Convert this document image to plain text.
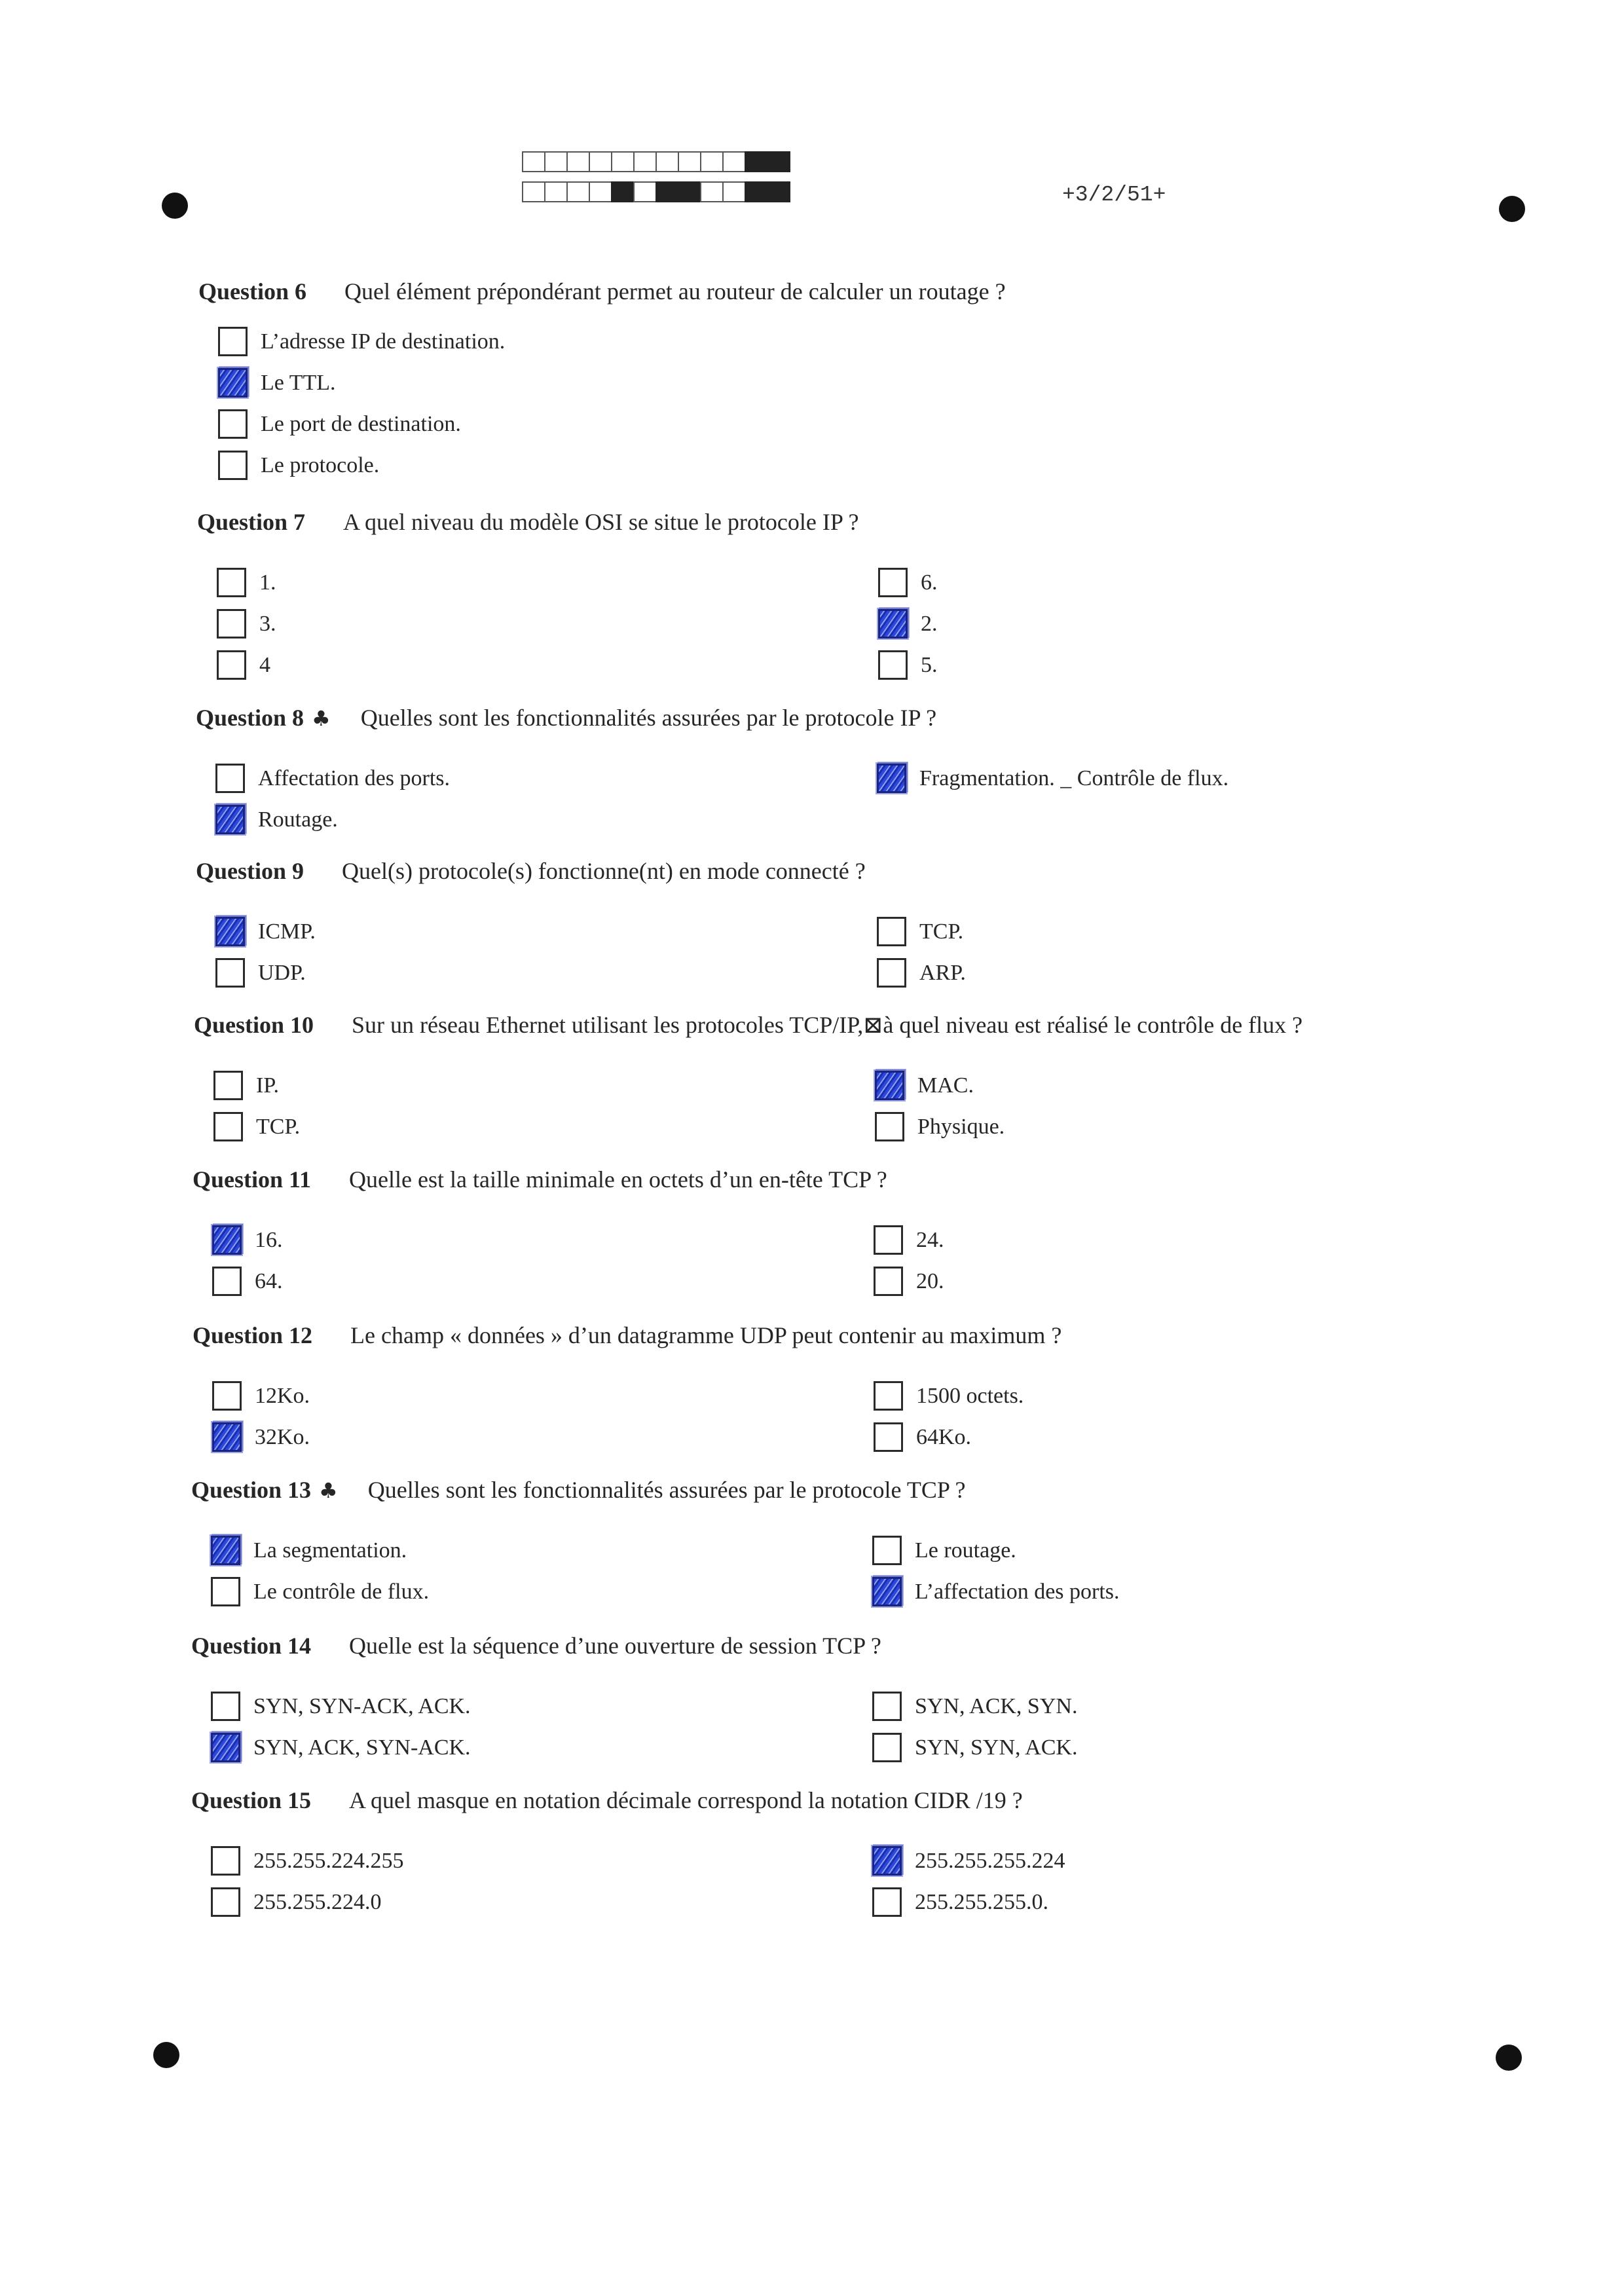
+3/2/51+
Question 6 Quel élément prépondérant permet au routeur de calculer un routage ?
L’adresse IP de destination.
Le TTL.
Le port de destination.
Le protocole.
Question 7 A quel niveau du modèle OSI se situe le protocole IP ?
1.
3.
4
6.
2.
5.
Question 8 ♣ Quelles sont les fonctionnalités assurées par le protocole IP ?
Affectation des ports.
Routage.
Fragmentation. _ Contrôle de flux.
Question 9 Quel(s) protocole(s) fonctionne(nt) en mode connecté ?
ICMP.
UDP.
TCP.
ARP.
Question 10 Sur un réseau Ethernet utilisant les protocoles TCP/IP,⊠à quel niveau est réalisé le contrôle de flux ?
IP.
TCP.
MAC.
Physique.
Question 11 Quelle est la taille minimale en octets d’un en-tête TCP ?
16.
64.
24.
20.
Question 12 Le champ « données » d’un datagramme UDP peut contenir au maximum ?
12Ko.
32Ko.
1500 octets.
64Ko.
Question 13 ♣ Quelles sont les fonctionnalités assurées par le protocole TCP ?
La segmentation.
Le contrôle de flux.
Le routage.
L’affectation des ports.
Question 14 Quelle est la séquence d’une ouverture de session TCP ?
SYN, SYN-ACK, ACK.
SYN, ACK, SYN-ACK.
SYN, ACK, SYN.
SYN, SYN, ACK.
Question 15 A quel masque en notation décimale correspond la notation CIDR /19 ?
255.255.224.255
255.255.224.0
255.255.255.224
255.255.255.0.
